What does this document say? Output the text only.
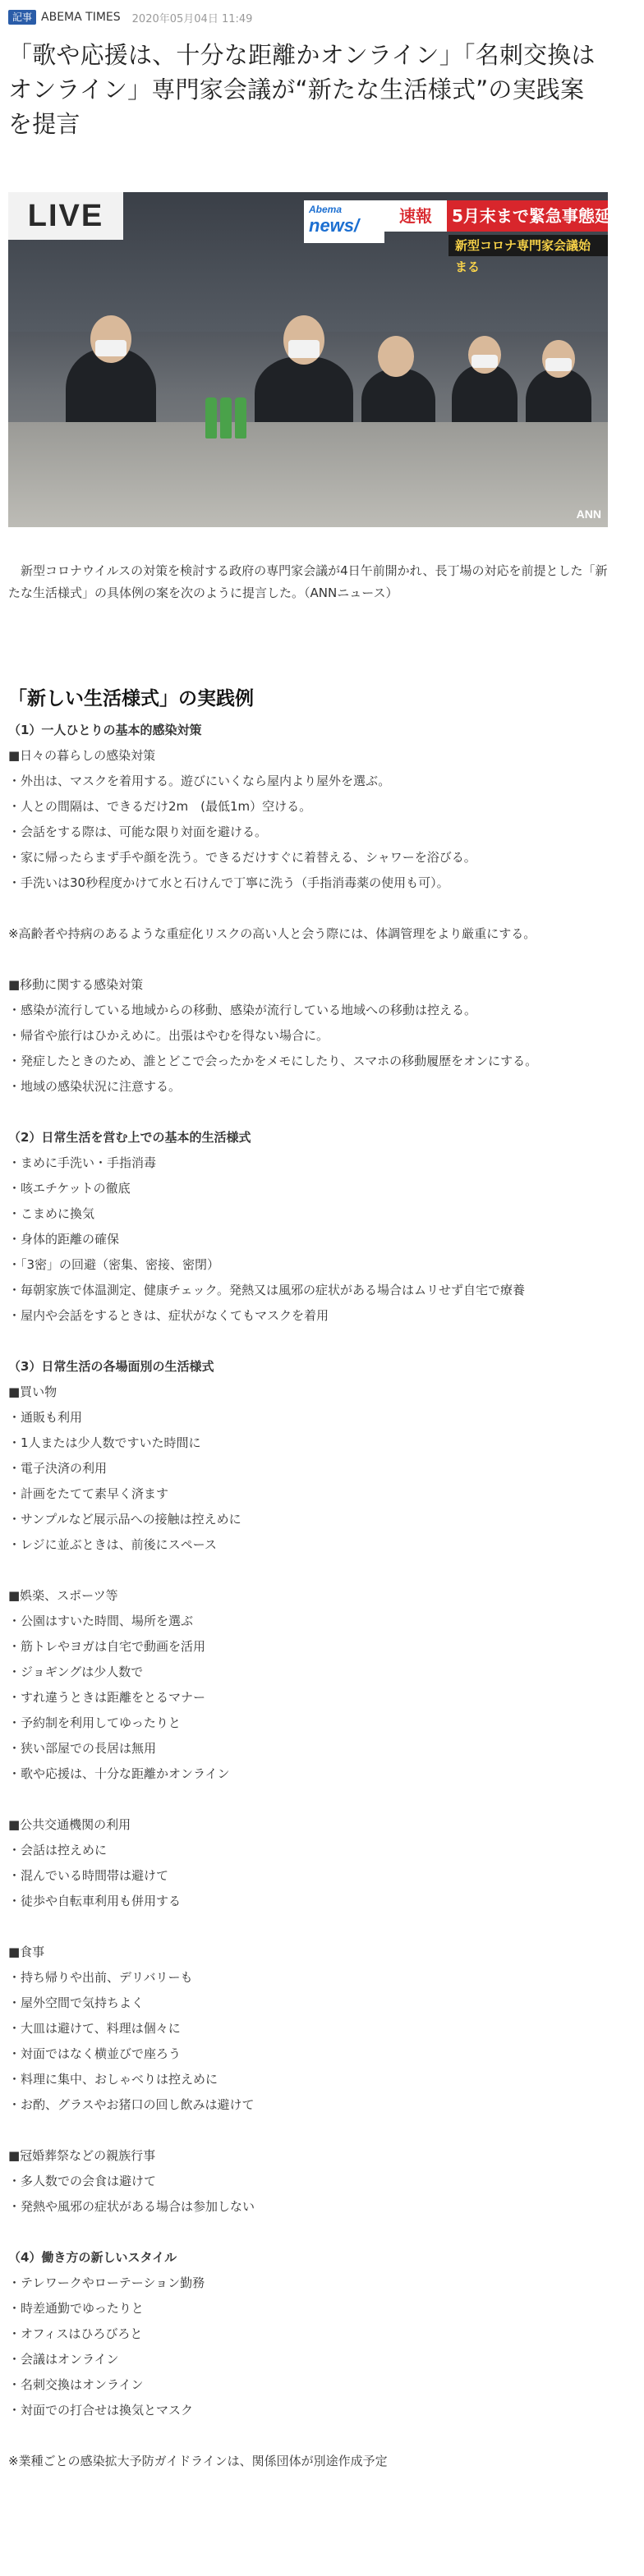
記事 ABEMA TIMES 2020年05月04日 11:49
「歌や応援は、十分な距離かオンライン」「名刺交換はオンライン」専門家会議が“新たな生活様式”の実践案を提言
LIVE	Abema
news/	速報	5月末まで緊急事態延長へ
新型コロナ専門家会議始まる
ANN

新型コロナウイルスの対策を検討する政府の専門家会議が4日午前開かれ、長丁場の対応を前提とした「新たな生活様式」の具体例の案を次のように提言した。（ANNニュース）

「新しい生活様式」の実践例
（1）一人ひとりの基本的感染対策
■日々の暮らしの感染対策
・外出は、マスクを着用する。遊びにいくなら屋内より屋外を選ぶ。
・人との間隔は、できるだけ2m　(最低1m）空ける。
・会話をする際は、可能な限り対面を避ける。
・家に帰ったらまず手や顔を洗う。できるだけすぐに着替える、シャワーを浴びる。
・手洗いは30秒程度かけて水と石けんで丁寧に洗う（手指消毒薬の使用も可）。
※高齢者や持病のあるような重症化リスクの高い人と会う際には、体調管理をより厳重にする。
■移動に関する感染対策
・感染が流行している地域からの移動、感染が流行している地域への移動は控える。
・帰省や旅行はひかえめに。出張はやむを得ない場合に。
・発症したときのため、誰とどこで会ったかをメモにしたり、スマホの移動履歴をオンにする。
・地域の感染状況に注意する。
（2）日常生活を営む上での基本的生活様式
・まめに手洗い・手指消毒
・咳エチケットの徹底
・こまめに換気
・身体的距離の確保
・「3密」の回避（密集、密接、密閉）
・毎朝家族で体温測定、健康チェック。発熱又は風邪の症状がある場合はムリせず自宅で療養
・屋内や会話をするときは、症状がなくてもマスクを着用
（3）日常生活の各場面別の生活様式
■買い物
・通販も利用
・1人または少人数ですいた時間に
・電子決済の利用
・計画をたてて素早く済ます
・サンプルなど展示品への接触は控えめに
・レジに並ぶときは、前後にスペース
■娯楽、スポーツ等
・公園はすいた時間、場所を選ぶ
・筋トレやヨガは自宅で動画を活用
・ジョギングは少人数で
・すれ違うときは距離をとるマナー
・予約制を利用してゆったりと
・狭い部屋での長居は無用
・歌や応援は、十分な距離かオンライン
■公共交通機関の利用
・会話は控えめに
・混んでいる時間帯は避けて
・徒歩や自転車利用も併用する
■食事
・持ち帰りや出前、デリバリーも
・屋外空間で気持ちよく
・大皿は避けて、料理は個々に
・対面ではなく横並びで座ろう
・料理に集中、おしゃべりは控えめに
・お酌、グラスやお猪口の回し飲みは避けて
■冠婚葬祭などの親族行事
・多人数での会食は避けて
・発熱や風邪の症状がある場合は参加しない
（4）働き方の新しいスタイル
・テレワークやローテーション勤務
・時差通勤でゆったりと
・オフィスはひろびろと
・会議はオンライン
・名刺交換はオンライン
・対面での打合せは換気とマスク
※業種ごとの感染拡大予防ガイドラインは、関係団体が別途作成予定
